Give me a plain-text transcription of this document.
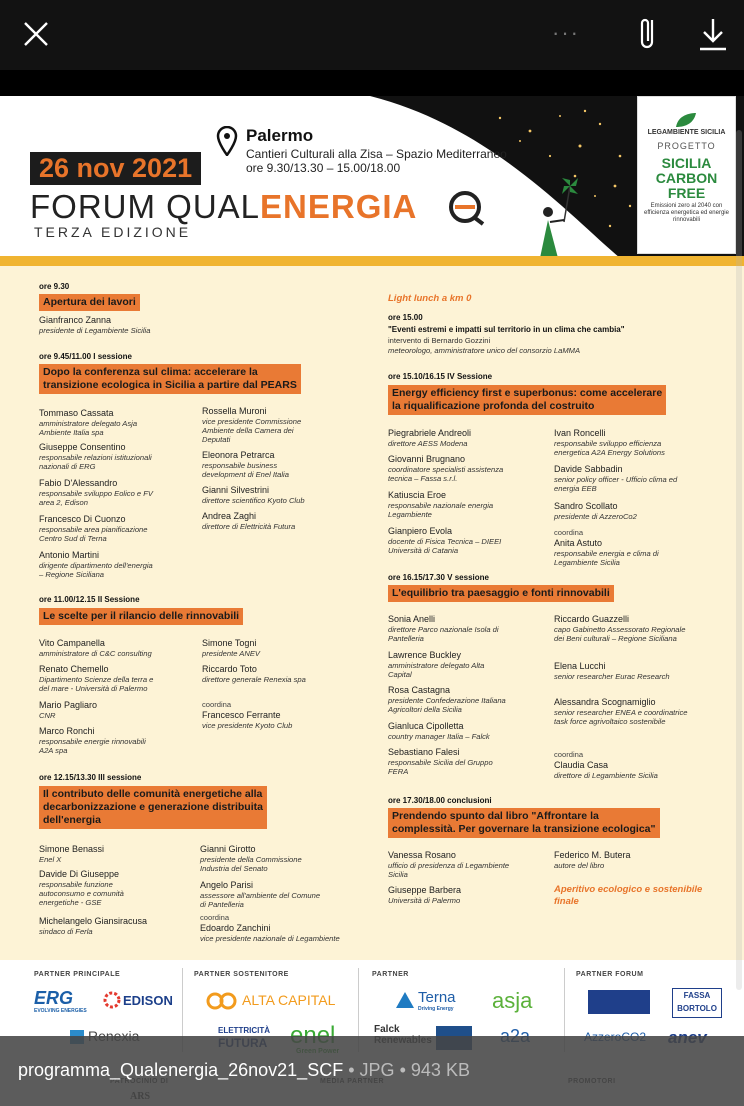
···
26 nov 2021
Palermo
Cantieri Culturali alla Zisa – Spazio Mediterraneo
ore 9.30/13.30 – 15.00/18.00
FORUM QUALENERGIA
TERZA EDIZIONE
LEGAMBIENTE SICILIA
PROGETTO
SICILIA
CARBON
FREE
Emissioni zero al 2040 con efficienza energetica ed energie rinnovabili

ore 9.30

Apertura dei lavori

Gianfranco Zanna

presidente di Legambiente Sicilia

ore 9.45/11.00 I sessione

Dopo la conferenza sul clima: accelerare la
transizione ecologica in Sicilia a partire dal PEARS

Tommaso Cassata

amministratore delegato Asja

Ambiente Italia spa

Giuseppe Consentino

responsabile relazioni istituzionali

nazionali di ERG

Fabio D'Alessandro

responsabile sviluppo Eolico e FV

area 2, Edison

Francesco Di Cuonzo

responsabile area pianificazione

Centro Sud di Terna

Antonio Martini

dirigente dipartimento dell'energia

– Regione Siciliana

Rossella Muroni

vice presidente Commissione

Ambiente della Camera dei

Deputati

Eleonora Petrarca

responsabile business

development di Enel Italia

Gianni Silvestrini

direttore scientifico Kyoto Club

Andrea Zaghi

direttore di Elettricità Futura

ore 11.00/12.15 II Sessione

Le scelte per il rilancio delle rinnovabili

Vito Campanella

amministratore di C&C consulting

Renato Chemello

Dipartimento Scienze della terra e

del mare - Università di Palermo

Mario Pagliaro

CNR

Marco Ronchi

responsabile energie rinnovabili

A2A spa

Simone Togni

presidente ANEV

Riccardo Toto

direttore generale Renexia spa

coordina

Francesco Ferrante

vice presidente Kyoto Club

ore 12.15/13.30 III sessione

Il contributo delle comunità energetiche alla
decarbonizzazione e generazione distribuita
dell'energia

Simone Benassi

Enel X

Davide Di Giuseppe

responsabile funzione

autoconsumo e comunità

energetiche - GSE

Michelangelo Giansiracusa

sindaco di Ferla

Gianni Girotto

presidente della Commissione

Industria del Senato

Angelo Parisi

assessore all'ambiente del Comune

di Pantelleria

coordina

Edoardo Zanchini

vice presidente nazionale di Legambiente

Light lunch a km 0

ore 15.00

"Eventi estremi e impatti sul territorio in un clima che cambia"

intervento di Bernardo Gozzini

meteorologo, amministratore unico del consorzio LaMMA

ore 15.10/16.15 IV Sessione

Energy efficiency first e superbonus: come accelerare
la riqualificazione profonda del costruito

Piegrabriele Andreoli

direttore AESS Modena

Giovanni Brugnano

coordinatore specialisti assistenza

tecnica – Fassa s.r.l.

Katiuscia Eroe

responsabile nazionale energia

Legambiente

Gianpiero Evola

docente di Fisica Tecnica – DIEEI

Università di Catania

Ivan Roncelli

responsabile sviluppo efficienza

energetica A2A Energy Solutions

Davide Sabbadin

senior policy officer - Ufficio clima ed

energia EEB

Sandro Scollato

presidente di AzzeroCo2

coordina

Anita Astuto

responsabile energia e clima di

Legambiente Sicilia

ore 16.15/17.30 V sessione

L'equilibrio tra paesaggio e fonti rinnovabili

Sonia Anelli

direttore Parco nazionale Isola di

Pantelleria

Lawrence Buckley

amministratore delegato Alta

Capital

Rosa Castagna

presidente Confederazione Italiana

Agricoltori della Sicilia

Gianluca Cipolletta

country manager Italia – Falck

Sebastiano Falesi

responsabile Sicilia del Gruppo

FERA

Riccardo Guazzelli

capo Gabinetto Assessorato Regionale

dei Beni culturali – Regione Siciliana

Elena Lucchi

senior researcher Eurac Research

Alessandra Scognamiglio

senior researcher ENEA e coordinatrice

task force agrivoltaico sostenibile

coordina

Claudia Casa

direttore di Legambiente Sicilia

ore 17.30/18.00 conclusioni

Prendendo spunto dal libro "Affrontare la
complessità. Per governare la transizione ecologica"

Vanessa Rosano

ufficio di presidenza di Legambiente

Sicilia

Giuseppe Barbera

Università di Palermo

Federico M. Butera

autore del libro

Aperitivo ecologico e sostenibile

finale

PARTNER PRINCIPALE	PARTNER SOSTENITORE	PARTNER	PARTNER FORUM
ERG
EVOLVING ENERGIES
EDISON	ALTA CAPITAL	Terna
Driving Energy asja	FASSA BORTOLO
ELETTRICITÀ	Falck
programma_Qualenergia_26nov21_SCF • JPG • 943 KB
